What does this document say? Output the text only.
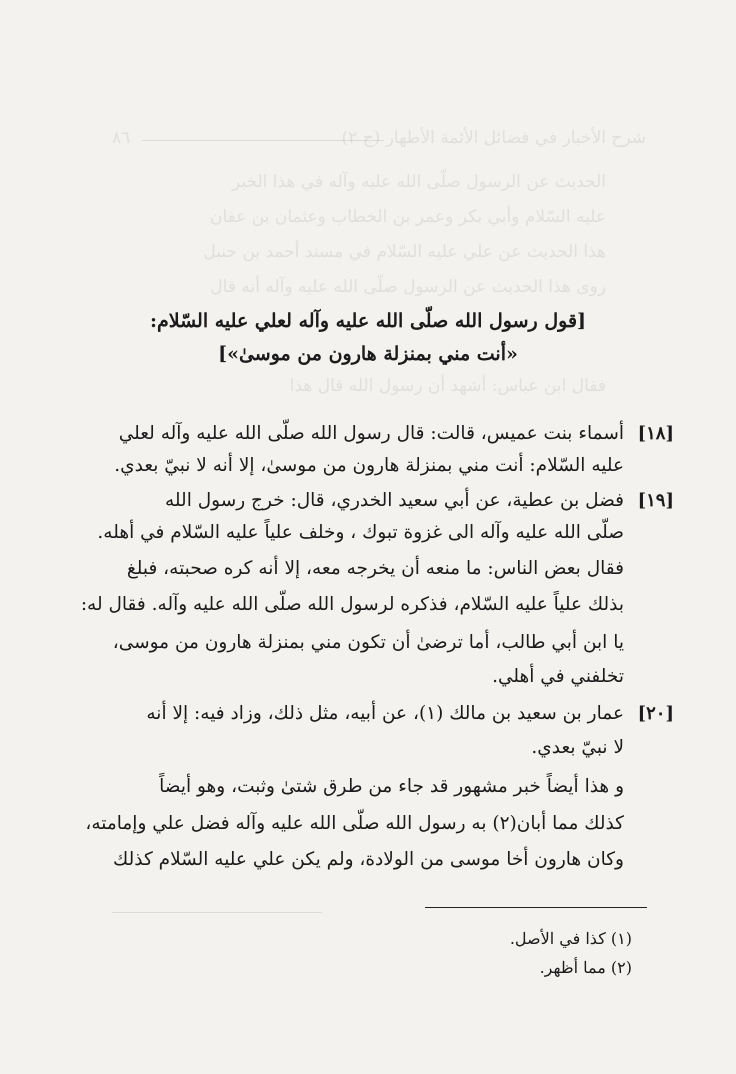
٨٦	شرح الأخبار في فضائل الأئمة الأطهار (ج ٢)
الحديث عن الرسول صلّى الله عليه وآله في هذا الخبر
عليه السّلام وأبي بكر وعمر بن الخطاب وعثمان بن عفان
هذا الحديث عن علي عليه السّلام في مسند أحمد بن حنبل
روى هذا الحديث عن الرسول صلّى الله عليه وآله أنه قال
فقال ابن عباس: أشهد أن رسول الله قال هذا
[قول رسول الله صلّى الله عليه وآله لعلي عليه السّلام:
«أنت مني بمنزلة هارون من موسىٰ»]
[١٨]
أسماء بنت عميس، قالت: قال رسول الله صلّى الله عليه وآله لعلي
عليه السّلام: أنت مني بمنزلة هارون من موسىٰ، إلا أنه لا نبيّ بعدي.
[١٩]
فضل بن عطية، عن أبي سعيد الخدري، قال: خرج رسول الله
صلّى الله عليه وآله الى غزوة تبوك ، وخلف علياً عليه السّلام في أهله.
فقال بعض الناس: ما منعه أن يخرجه معه، إلا أنه كره صحبته، فبلغ
بذلك علياً عليه السّلام، فذكره لرسول الله صلّى الله عليه وآله. فقال له:
يا ابن أبي طالب، أما ترضىٰ أن تكون مني بمنزلة هارون من موسى،
تخلفني في أهلي.
[٢٠]
عمار بن سعيد بن مالك (١)، عن أبيه، مثل ذلك، وزاد فيه: إلا أنه
لا نبيّ بعدي.
و هذا أيضاً خبر مشهور قد جاء من طرق شتىٰ وثبت، وهو أيضاً
كذلك مما أبان(٢) به رسول الله صلّى الله عليه وآله فضل علي وإمامته،
وكان هارون أخا موسى من الولادة، ولم يكن علي عليه السّلام كذلك
(١) كذا في الأصل.
(٢) مما أظهر.
